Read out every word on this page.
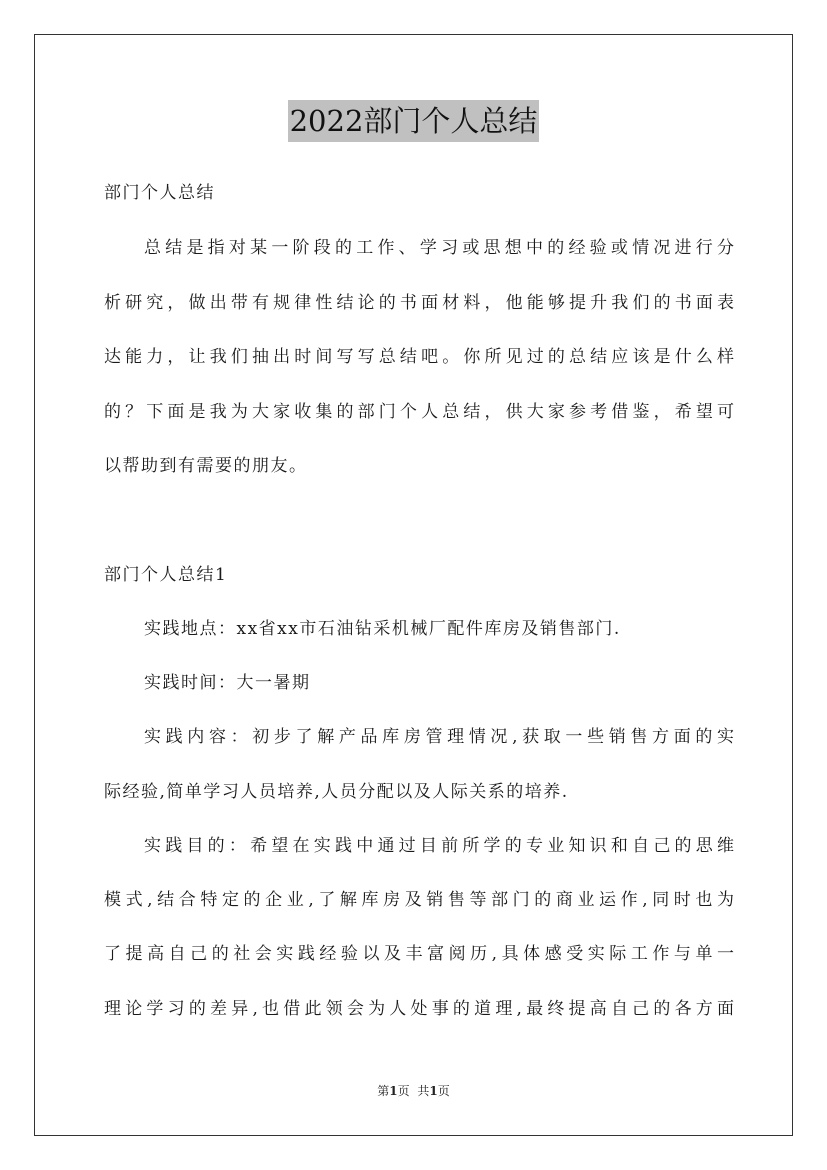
2022部门个人总结
部门个人总结
总结是指对某一阶段的工作、学习或思想中的经验或情况进行分
析研究，做出带有规律性结论的书面材料，他能够提升我们的书面表
达能力，让我们抽出时间写写总结吧。你所见过的总结应该是什么样
的？下面是我为大家收集的部门个人总结，供大家参考借鉴，希望可
以帮助到有需要的朋友。
部门个人总结1
实践地点：xx省xx市石油钻采机械厂配件库房及销售部门.
实践时间：大一暑期
实践内容：初步了解产品库房管理情况,获取一些销售方面的实
际经验,简单学习人员培养,人员分配以及人际关系的培养.
实践目的：希望在实践中通过目前所学的专业知识和自己的思维
模式,结合特定的企业,了解库房及销售等部门的商业运作,同时也为
了提高自己的社会实践经验以及丰富阅历,具体感受实际工作与单一
理论学习的差异,也借此领会为人处事的道理,最终提高自己的各方面
第1页 共1页
